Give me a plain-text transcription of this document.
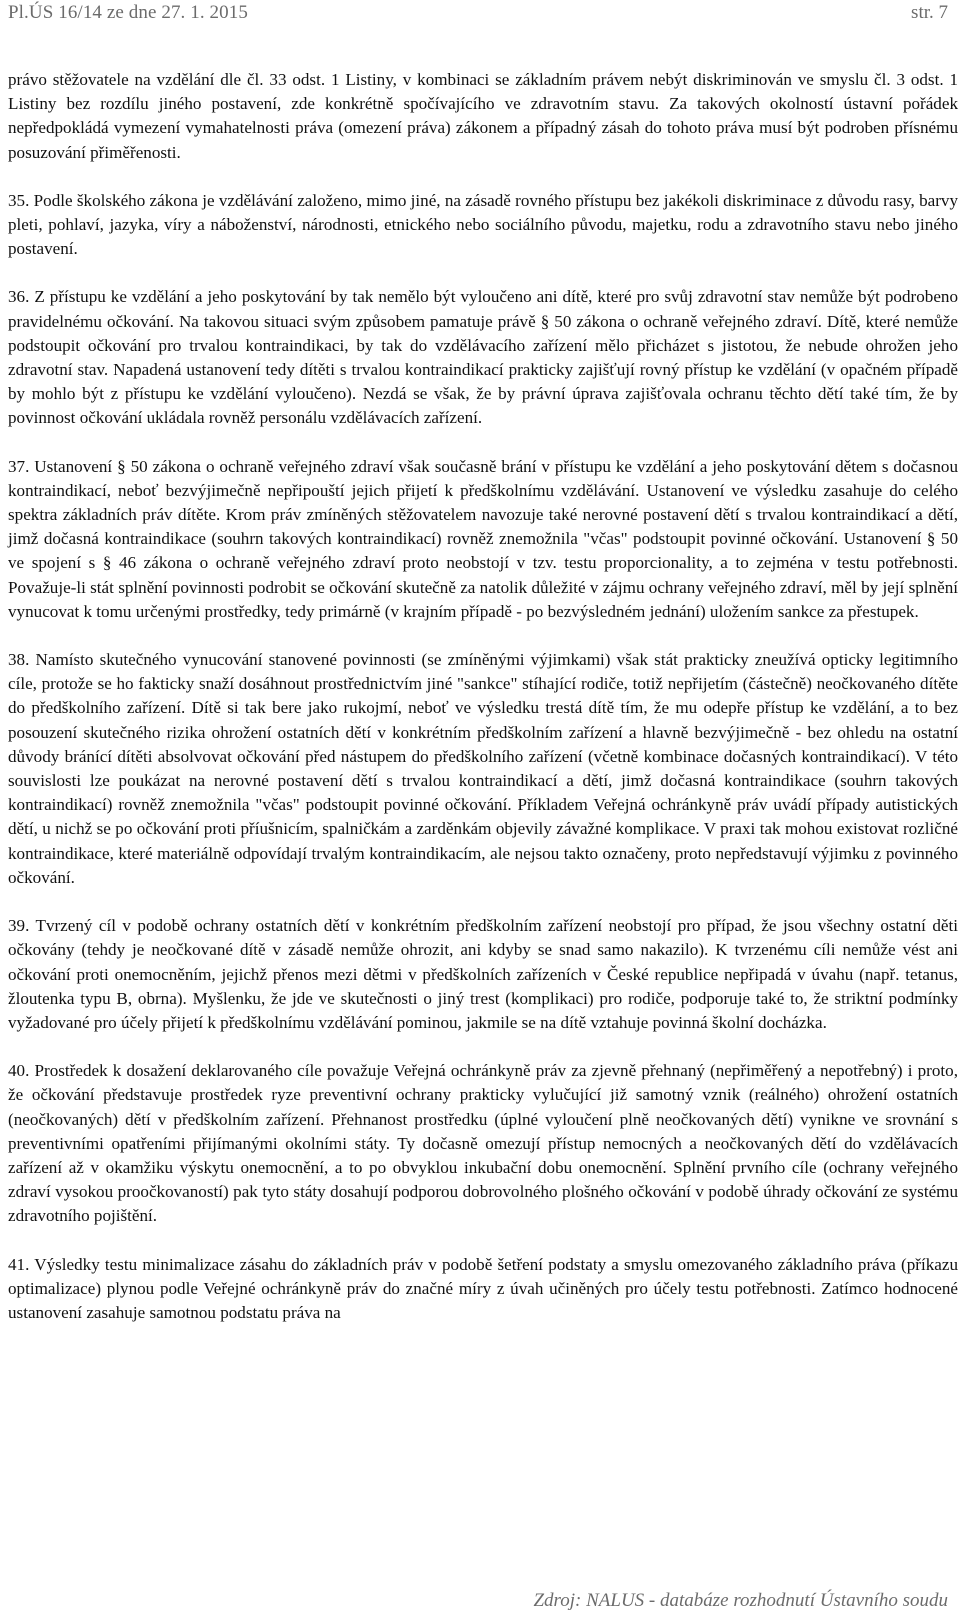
Pl.ÚS 16/14 ze dne 27. 1. 2015	str. 7

právo stěžovatele na vzdělání dle čl. 33 odst. 1 Listiny, v kombinaci se základním právem nebýt diskriminován ve smyslu čl. 3 odst. 1 Listiny bez rozdílu jiného postavení, zde konkrétně spočívajícího ve zdravotním stavu. Za takových okolností ústavní pořádek nepředpokládá vymezení vymahatelnosti práva (omezení práva) zákonem a případný zásah do tohoto práva musí být podroben přísnému posuzování přiměřenosti.

35. Podle školského zákona je vzdělávání založeno, mimo jiné, na zásadě rovného přístupu bez jakékoli diskriminace z důvodu rasy, barvy pleti, pohlaví, jazyka, víry a náboženství, národnosti, etnického nebo sociálního původu, majetku, rodu a zdravotního stavu nebo jiného postavení.

36. Z přístupu ke vzdělání a jeho poskytování by tak nemělo být vyloučeno ani dítě, které pro svůj zdravotní stav nemůže být podrobeno pravidelnému očkování. Na takovou situaci svým způsobem pamatuje právě § 50 zákona o ochraně veřejného zdraví. Dítě, které nemůže podstoupit očkování pro trvalou kontraindikaci, by tak do vzdělávacího zařízení mělo přicházet s jistotou, že nebude ohrožen jeho zdravotní stav. Napadená ustanovení tedy dítěti s trvalou kontraindikací prakticky zajišťují rovný přístup ke vzdělání (v opačném případě by mohlo být z přístupu ke vzdělání vyloučeno). Nezdá se však, že by právní úprava zajišťovala ochranu těchto dětí také tím, že by povinnost očkování ukládala rovněž personálu vzdělávacích zařízení.

37. Ustanovení § 50 zákona o ochraně veřejného zdraví však současně brání v přístupu ke vzdělání a jeho poskytování dětem s dočasnou kontraindikací, neboť bezvýjimečně nepřipouští jejich přijetí k předškolnímu vzdělávání. Ustanovení ve výsledku zasahuje do celého spektra základních práv dítěte. Krom práv zmíněných stěžovatelem navozuje také nerovné postavení dětí s trvalou kontraindikací a dětí, jimž dočasná kontraindikace (souhrn takových kontraindikací) rovněž znemožnila "včas" podstoupit povinné očkování. Ustanovení § 50 ve spojení s § 46 zákona o ochraně veřejného zdraví proto neobstojí v tzv. testu proporcionality, a to zejména v testu potřebnosti. Považuje-li stát splnění povinnosti podrobit se očkování skutečně za natolik důležité v zájmu ochrany veřejného zdraví, měl by její splnění vynucovat k tomu určenými prostředky, tedy primárně (v krajním případě - po bezvýsledném jednání) uložením sankce za přestupek.

38. Namísto skutečného vynucování stanovené povinnosti (se zmíněnými výjimkami) však stát prakticky zneužívá opticky legitimního cíle, protože se ho fakticky snaží dosáhnout prostřednictvím jiné "sankce" stíhající rodiče, totiž nepřijetím (částečně) neočkovaného dítěte do předškolního zařízení. Dítě si tak bere jako rukojmí, neboť ve výsledku trestá dítě tím, že mu odepře přístup ke vzdělání, a to bez posouzení skutečného rizika ohrožení ostatních dětí v konkrétním předškolním zařízení a hlavně bezvýjimečně - bez ohledu na ostatní důvody bránící dítěti absolvovat očkování před nástupem do předškolního zařízení (včetně kombinace dočasných kontraindikací). V této souvislosti lze poukázat na nerovné postavení dětí s trvalou kontraindikací a dětí, jimž dočasná kontraindikace (souhrn takových kontraindikací) rovněž znemožnila "včas" podstoupit povinné očkování. Příkladem Veřejná ochránkyně práv uvádí případy autistických dětí, u nichž se po očkování proti příušnicím, spalničkám a zarděnkám objevily závažné komplikace. V praxi tak mohou existovat rozličné kontraindikace, které materiálně odpovídají trvalým kontraindikacím, ale nejsou takto označeny, proto nepředstavují výjimku z povinného očkování.

39. Tvrzený cíl v podobě ochrany ostatních dětí v konkrétním předškolním zařízení neobstojí pro případ, že jsou všechny ostatní děti očkovány (tehdy je neočkované dítě v zásadě nemůže ohrozit, ani kdyby se snad samo nakazilo). K tvrzenému cíli nemůže vést ani očkování proti onemocněním, jejichž přenos mezi dětmi v předškolních zařízeních v České republice nepřipadá v úvahu (např. tetanus, žloutenka typu B, obrna). Myšlenku, že jde ve skutečnosti o jiný trest (komplikaci) pro rodiče, podporuje také to, že striktní podmínky vyžadované pro účely přijetí k předškolnímu vzdělávání pominou, jakmile se na dítě vztahuje povinná školní docházka.

40. Prostředek k dosažení deklarovaného cíle považuje Veřejná ochránkyně práv za zjevně přehnaný (nepřiměřený a nepotřebný) i proto, že očkování představuje prostředek ryze preventivní ochrany prakticky vylučující již samotný vznik (reálného) ohrožení ostatních (neočkovaných) dětí v předškolním zařízení. Přehnanost prostředku (úplné vyloučení plně neočkovaných dětí) vynikne ve srovnání s preventivními opatřeními přijímanými okolními státy. Ty dočasně omezují přístup nemocných a neočkovaných dětí do vzdělávacích zařízení až v okamžiku výskytu onemocnění, a to po obvyklou inkubační dobu onemocnění. Splnění prvního cíle (ochrany veřejného zdraví vysokou proočkovaností) pak tyto státy dosahují podporou dobrovolného plošného očkování v podobě úhrady očkování ze systému zdravotního pojištění.

41. Výsledky testu minimalizace zásahu do základních práv v podobě šetření podstaty a smyslu omezovaného základního práva (příkazu optimalizace) plynou podle Veřejné ochránkyně práv do značné míry z úvah učiněných pro účely testu potřebnosti. Zatímco hodnocené ustanovení zasahuje samotnou podstatu práva na

Zdroj: NALUS - databáze rozhodnutí Ústavního soudu
